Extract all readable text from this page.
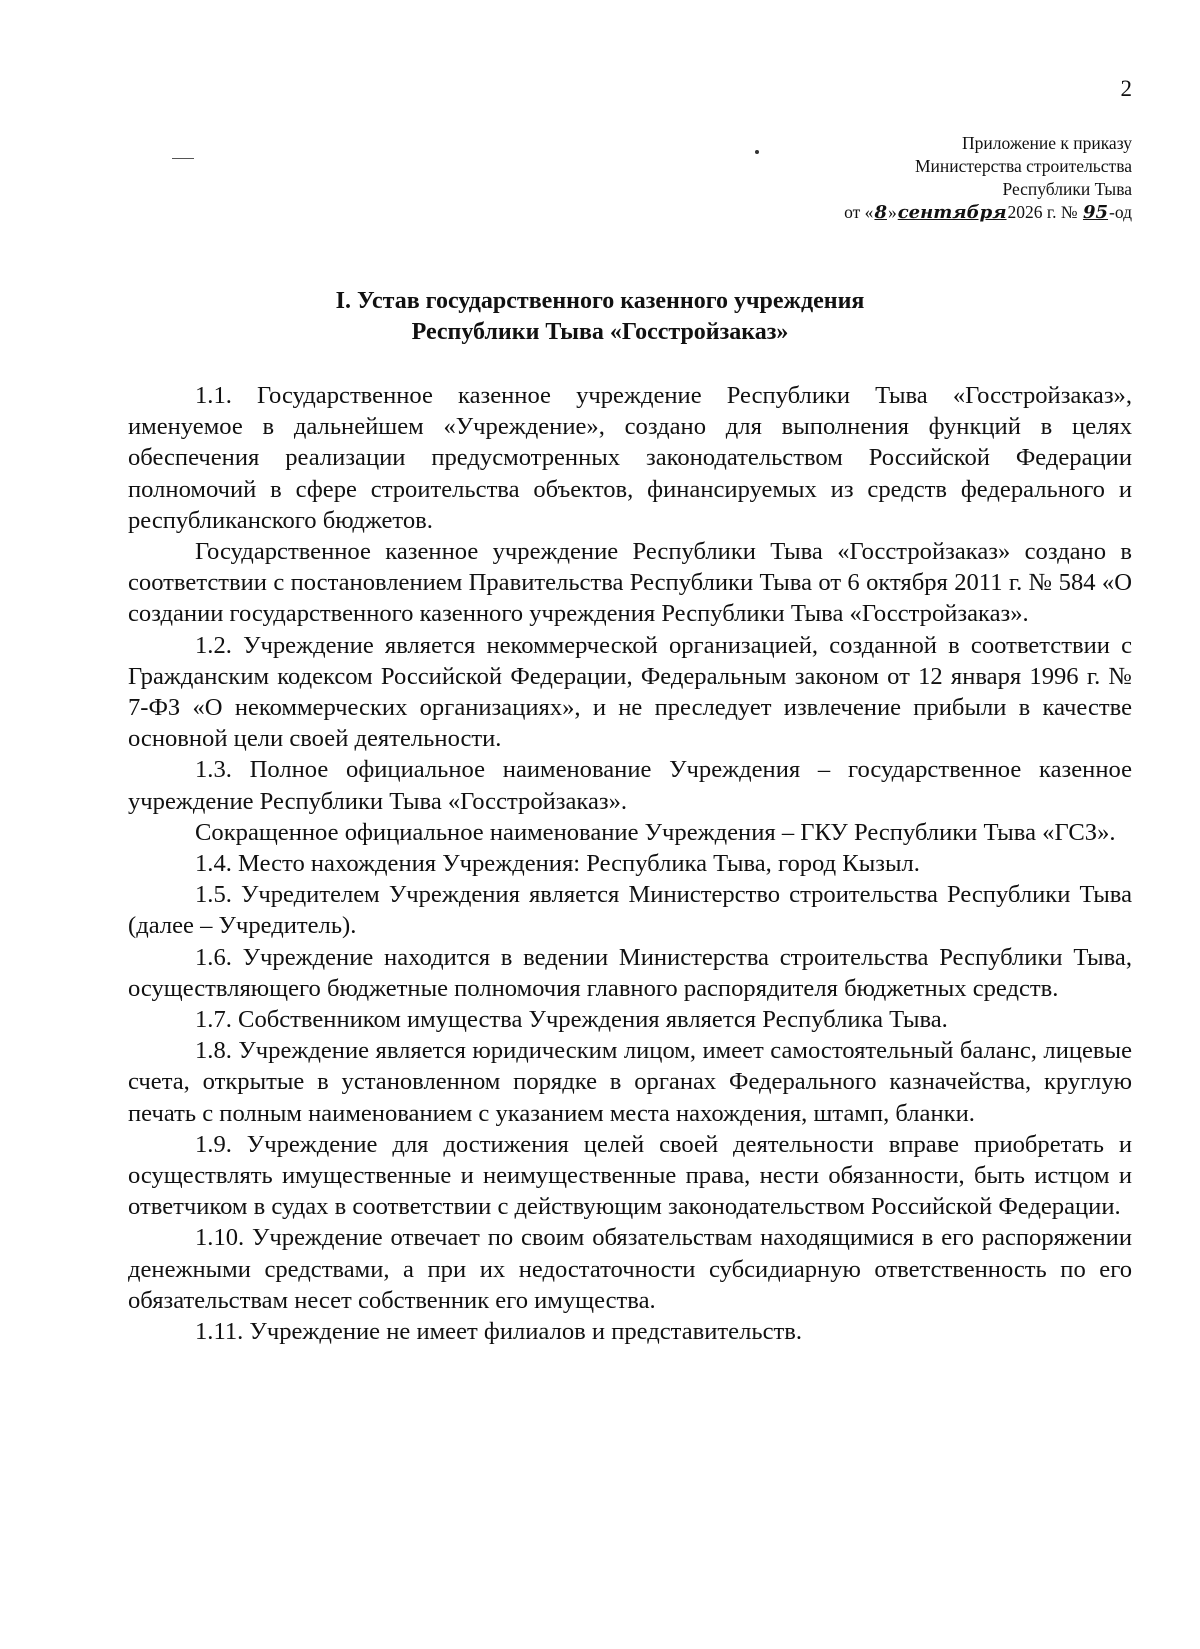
2
Приложение к приказу
Министерства строительства
Республики Тыва
от «8»сентября2026 г. № 95-од
I. Устав государственного казенного учреждения
Республики Тыва «Госстройзаказ»

1.1. Государственное казенное учреждение Республики Тыва «Госстройзаказ», именуемое в дальнейшем «Учреждение», создано для выполнения функций в целях обеспечения реализации предусмотренных законодательством Российской Федерации полномочий в сфере строительства объектов, финансируемых из средств федерального и республиканского бюджетов.

Государственное казенное учреждение Республики Тыва «Госстройзаказ» создано в соответствии с постановлением Правительства Республики Тыва от 6 октября 2011 г. № 584 «О создании государственного казенного учреждения Республики Тыва «Госстройзаказ».

1.2. Учреждение является некоммерческой организацией, созданной в соответствии с Гражданским кодексом Российской Федерации, Федеральным законом от 12 января 1996 г. № 7-ФЗ «О некоммерческих организациях», и не преследует извлечение прибыли в качестве основной цели своей деятельности.

1.3. Полное официальное наименование Учреждения – государственное казенное учреждение Республики Тыва «Госстройзаказ».

Сокращенное официальное наименование Учреждения – ГКУ Республики Тыва «ГСЗ».

1.4. Место нахождения Учреждения: Республика Тыва, город Кызыл.

1.5. Учредителем Учреждения является Министерство строительства Республики Тыва (далее – Учредитель).

1.6. Учреждение находится в ведении Министерства строительства Республики Тыва, осуществляющего бюджетные полномочия главного распорядителя бюджетных средств.

1.7. Собственником имущества Учреждения является Республика Тыва.

1.8. Учреждение является юридическим лицом, имеет самостоятельный баланс, лицевые счета, открытые в установленном порядке в органах Федерального казначейства, круглую печать с полным наименованием с указанием места нахождения, штамп, бланки.

1.9. Учреждение для достижения целей своей деятельности вправе приобретать и осуществлять имущественные и неимущественные права, нести обязанности, быть истцом и ответчиком в судах в соответствии с действующим законодательством Российской Федерации.

1.10. Учреждение отвечает по своим обязательствам находящимися в его распоряжении денежными средствами, а при их недостаточности субсидиарную ответственность по его обязательствам несет собственник его имущества.

1.11. Учреждение не имеет филиалов и представительств.
